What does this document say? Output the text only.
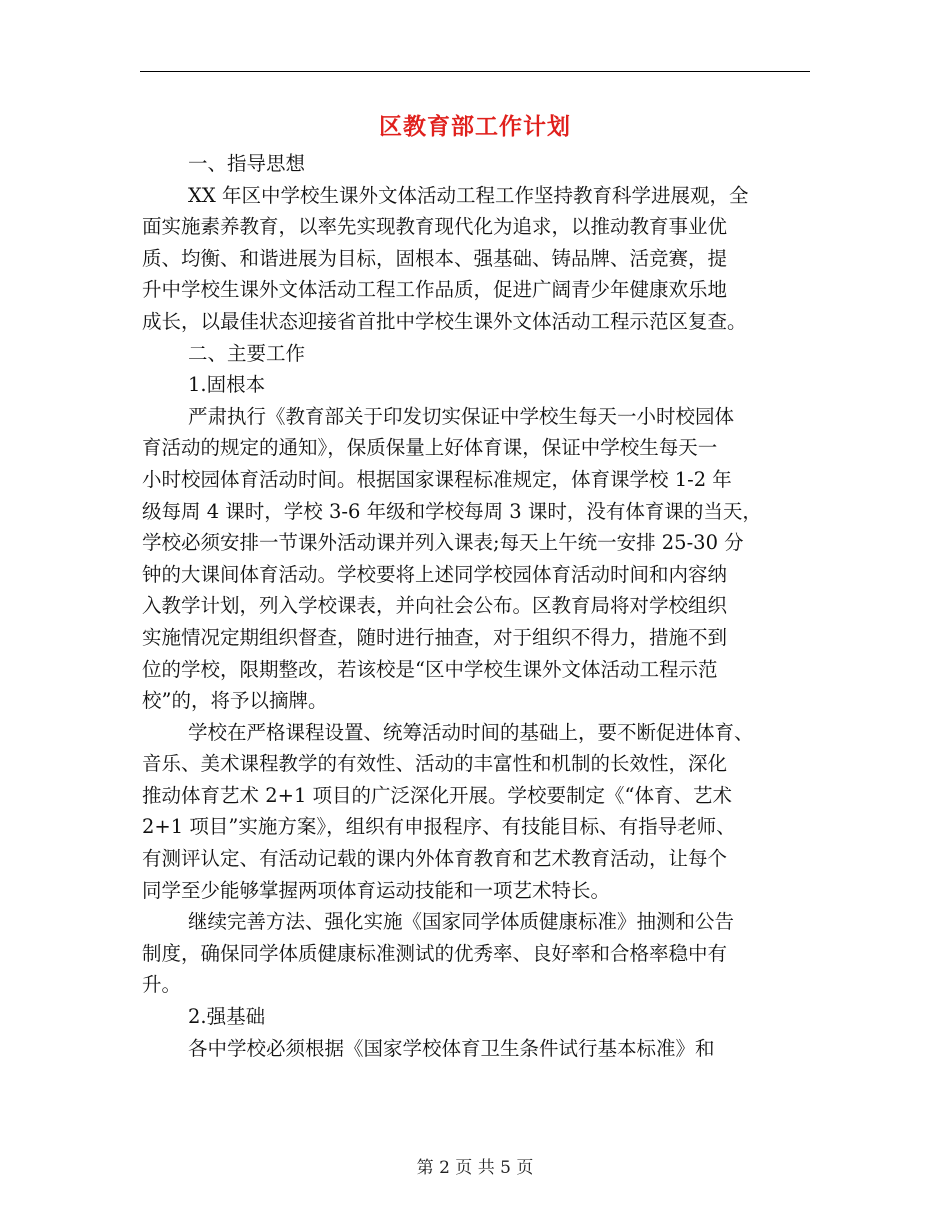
区教育部工作计划
一、指导思想
XX 年区中学校生课外文体活动工程工作坚持教育科学进展观，全
面实施素养教育，以率先实现教育现代化为追求，以推动教育事业优
质、均衡、和谐进展为目标，固根本、强基础、铸品牌、活竞赛，提
升中学校生课外文体活动工程工作品质，促进广阔青少年健康欢乐地
成长，以最佳状态迎接省首批中学校生课外文体活动工程示范区复查。
二、主要工作
1.固根本
严肃执行《教育部关于印发切实保证中学校生每天一小时校园体
育活动的规定的通知》，保质保量上好体育课，保证中学校生每天一
小时校园体育活动时间。根据国家课程标准规定，体育课学校 1-2 年
级每周 4 课时，学校 3-6 年级和学校每周 3 课时，没有体育课的当天，
学校必须安排一节课外活动课并列入课表;每天上午统一安排 25-30 分
钟的大课间体育活动。学校要将上述同学校园体育活动时间和内容纳
入教学计划，列入学校课表，并向社会公布。区教育局将对学校组织
实施情况定期组织督查，随时进行抽查，对于组织不得力，措施不到
位的学校，限期整改，若该校是“区中学校生课外文体活动工程示范
校”的，将予以摘牌。
学校在严格课程设置、统筹活动时间的基础上，要不断促进体育、
音乐、美术课程教学的有效性、活动的丰富性和机制的长效性，深化
推动体育艺术 2+1 项目的广泛深化开展。学校要制定《“体育、艺术
2+1 项目”实施方案》，组织有申报程序、有技能目标、有指导老师、
有测评认定、有活动记载的课内外体育教育和艺术教育活动，让每个
同学至少能够掌握两项体育运动技能和一项艺术特长。
继续完善方法、强化实施《国家同学体质健康标准》抽测和公告
制度，确保同学体质健康标准测试的优秀率、良好率和合格率稳中有
升。
2.强基础
各中学校必须根据《国家学校体育卫生条件试行基本标准》和
第 2 页 共 5 页
